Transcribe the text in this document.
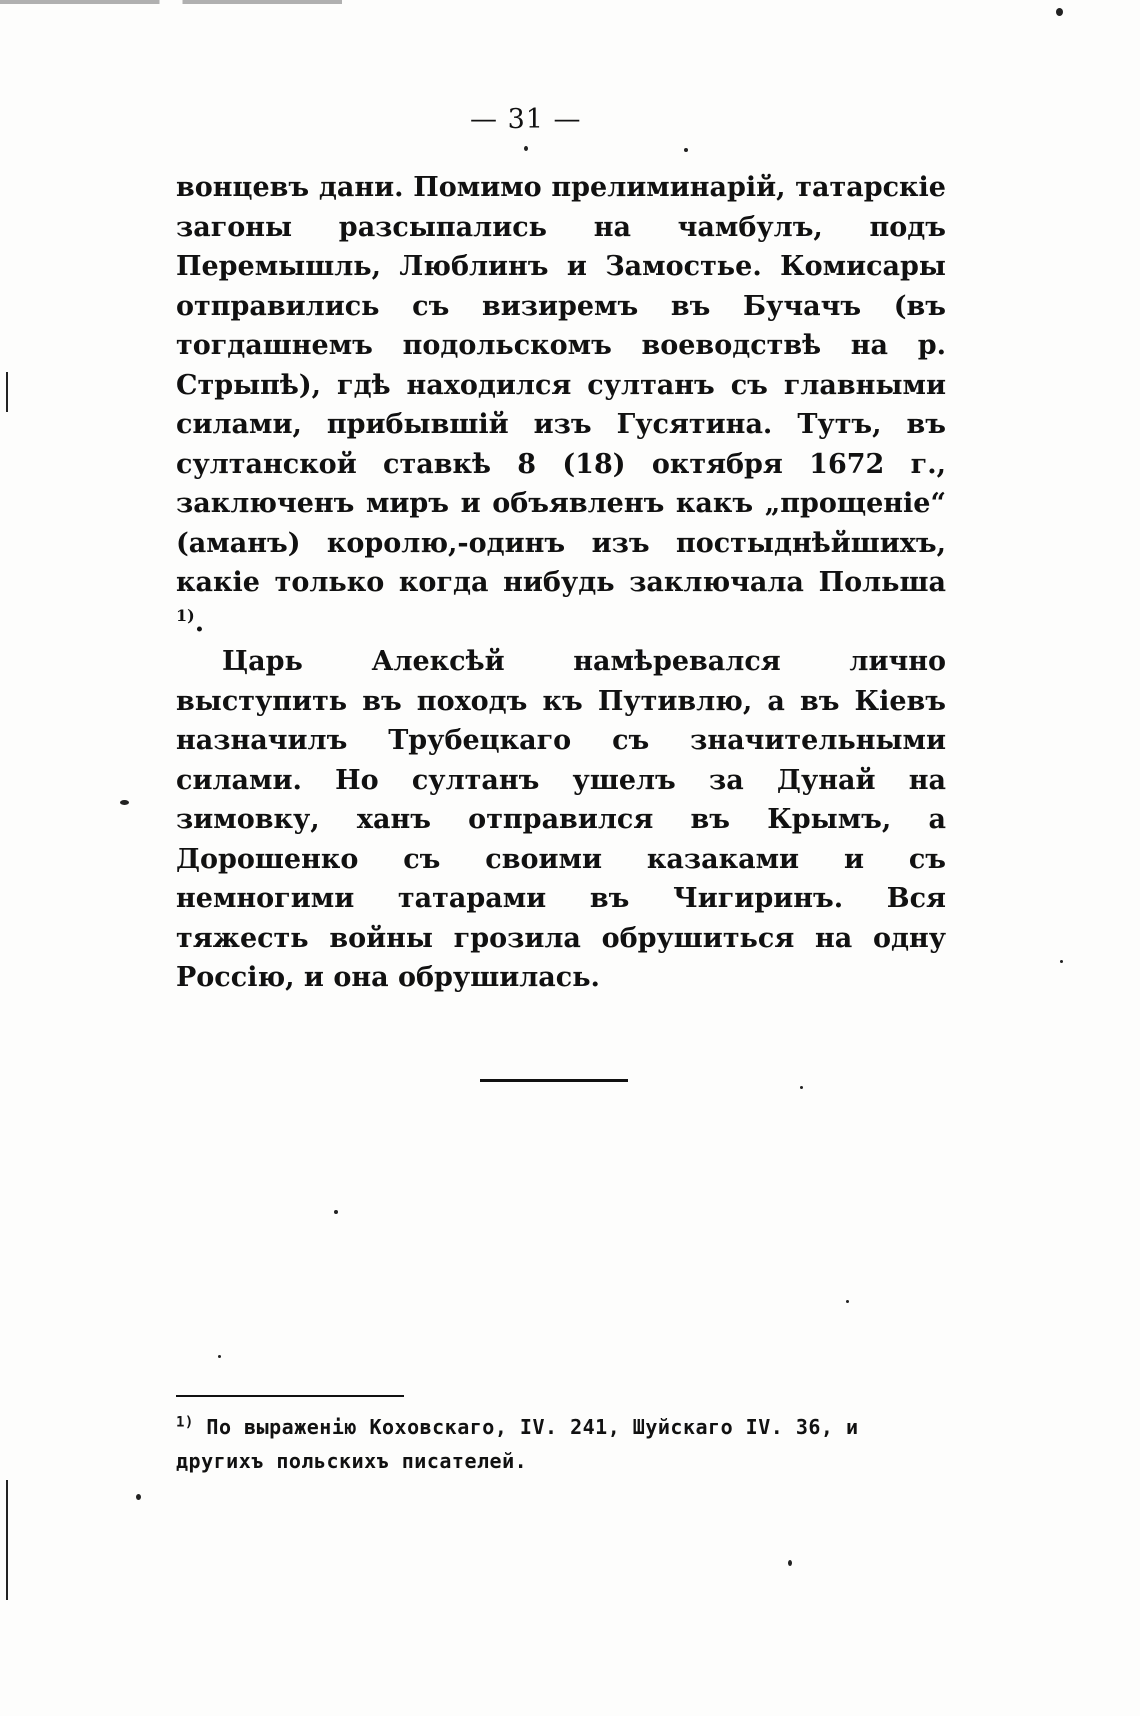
— 31 —

вонцевъ дани. Помимо прелиминарій, татарскіе загоны разсыпались на чамбулъ, подъ Перемышль, Люблинъ и Замостье. Комисары отправились съ визиремъ въ Бучачъ (въ тогдашнемъ подольскомъ воеводствѣ на р. Стрыпѣ), гдѣ находился султанъ съ главными силами, прибывшій изъ Гусятина. Тутъ, въ султанской ставкѣ 8 (18) октября 1672 г., заключенъ миръ и объявленъ какъ „прощеніе“ (аманъ) королю,-одинъ изъ постыднѣйшихъ, какіе только когда нибудь заключала Польша $^{1)}$.

Царь Алексѣй намѣревался лично выступить въ походъ къ Путивлю, а въ Кіевъ назначилъ Трубецкаго съ значительными силами. Но султанъ ушелъ за Дунай на зимовку, ханъ отправился въ Крымъ, а Дорошенко съ своими казаками и съ немногими татарами въ Чигиринъ. Вся тяжесть войны грозила обрушиться на одну Россію, и она обрушилась.

$^{1)}$ По выраженію Коховскаго, IV. 241, Шуйскаго IV. 36, и другихъ польскихъ писателей.
